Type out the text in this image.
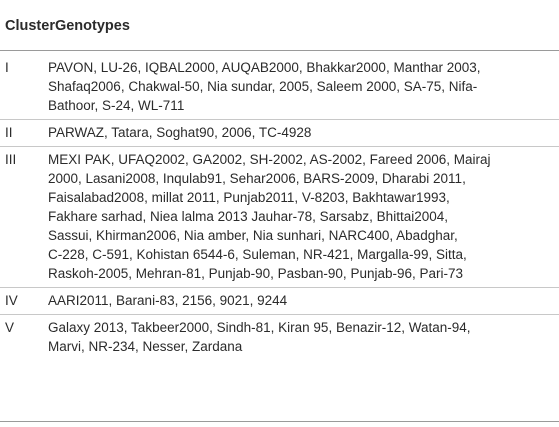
ClusterGenotypes
I	PAVON, LU-26, IQBAL2000, AUQAB2000, Bhakkar2000, Manthar 2003,
Shafaq2006, Chakwal-50, Nia sundar, 2005, Saleem 2000, SA-75, Nifa-
Bathoor, S-24, WL-711
II	PARWAZ, Tatara, Soghat90, 2006, TC-4928
III	MEXI PAK, UFAQ2002, GA2002, SH-2002, AS-2002, Fareed 2006, Mairaj
2000, Lasani2008, Inqulab91, Sehar2006, BARS-2009, Dharabi 2011,
Faisalabad2008, millat 2011, Punjab2011, V-8203, Bakhtawar1993,
Fakhare sarhad, Niea lalma 2013 Jauhar-78, Sarsabz, Bhittai2004,
Sassui, Khirman2006, Nia amber, Nia sunhari, NARC400, Abadghar,
C-228, C-591, Kohistan 6544-6, Suleman, NR-421, Margalla-99, Sitta,
Raskoh-2005, Mehran-81, Punjab-90, Pasban-90, Punjab-96, Pari-73
IV	AARI2011, Barani-83, 2156, 9021, 9244
V	Galaxy 2013, Takbeer2000, Sindh-81, Kiran 95, Benazir-12, Watan-94,
Marvi, NR-234, Nesser, Zardana
